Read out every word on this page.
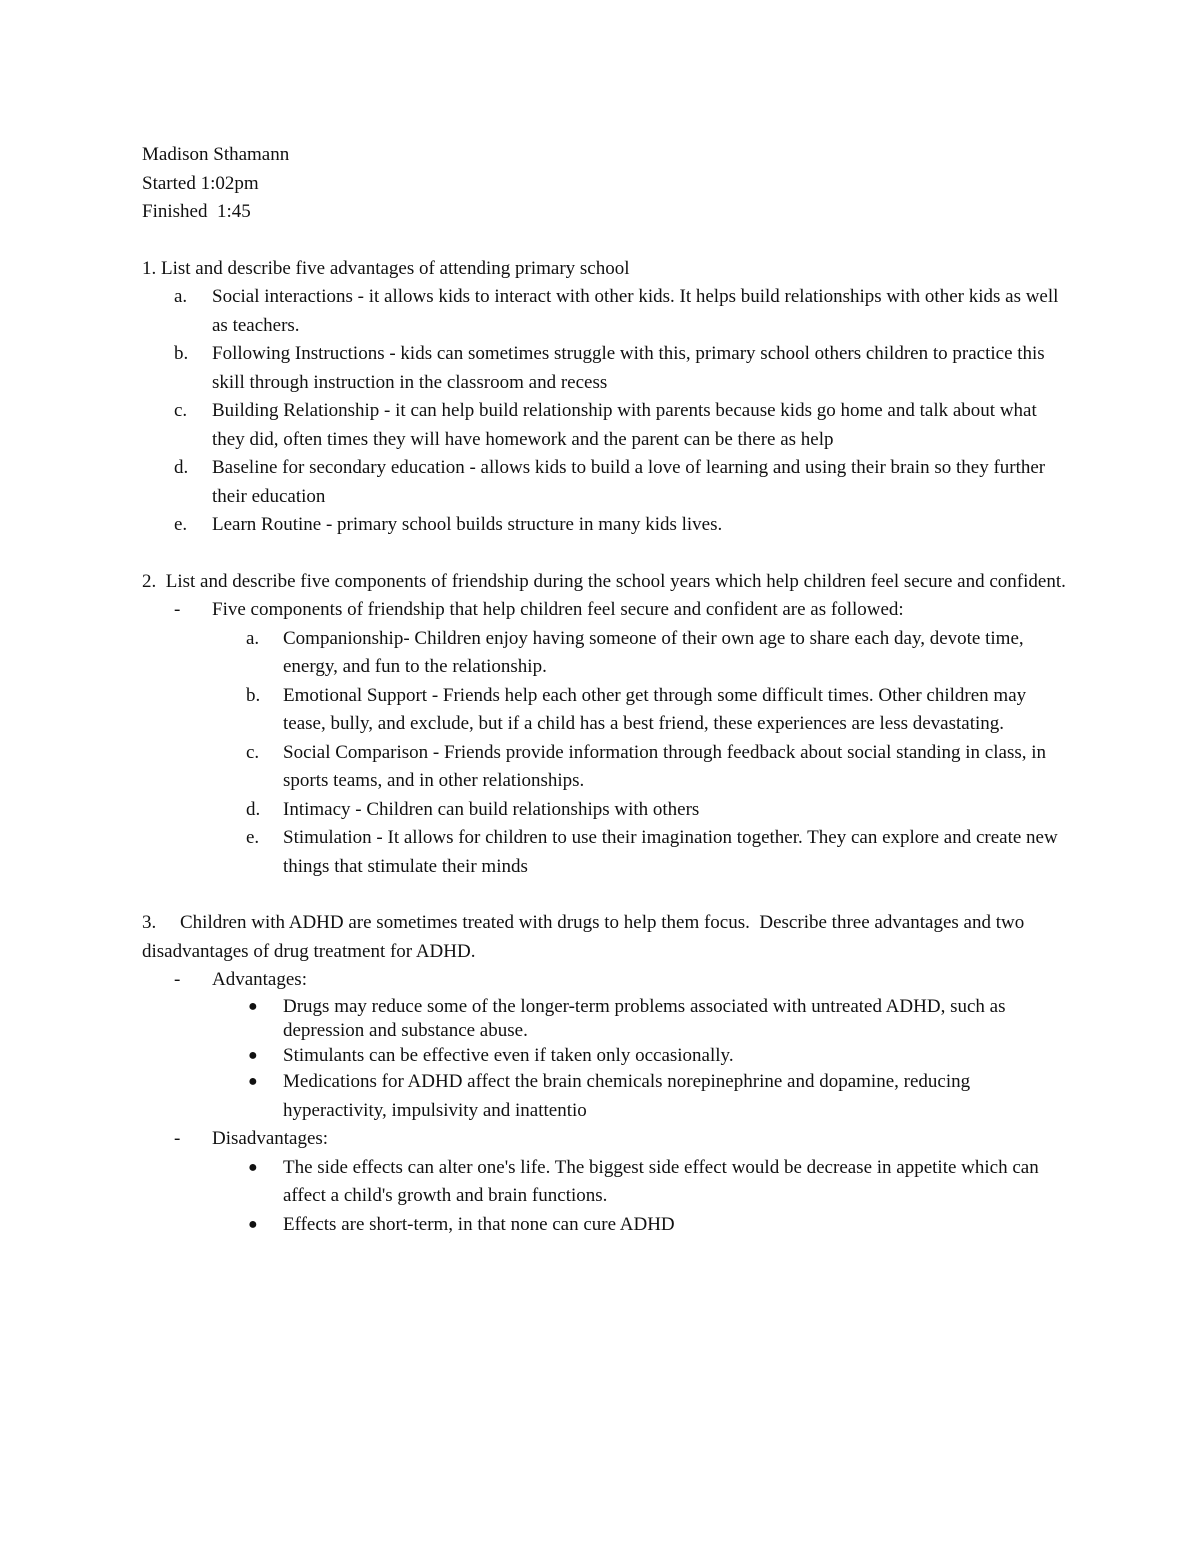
Madison Sthamann
Started 1:02pm
Finished  1:45
1. List and describe five advantages of attending primary school
a. Social interactions - it allows kids to interact with other kids. It helps build relationships with other kids as well as teachers.
b. Following Instructions - kids can sometimes struggle with this, primary school others children to practice this skill through instruction in the classroom and recess
c. Building Relationship - it can help build relationship with parents because kids go home and talk about what they did, often times they will have homework and the parent can be there as help
d. Baseline for secondary education - allows kids to build a love of learning and using their brain so they further their education
e. Learn Routine - primary school builds structure in many kids lives.
2.  List and describe five components of friendship during the school years which help children feel secure and confident.
- Five components of friendship that help children feel secure and confident are as followed:
a. Companionship- Children enjoy having someone of their own age to share each day, devote time, energy, and fun to the relationship.
b. Emotional Support - Friends help each other get through some difficult times. Other children may tease, bully, and exclude, but if a child has a best friend, these experiences are less devastating.
c. Social Comparison - Friends provide information through feedback about social standing in class, in sports teams, and in other relationships.
d. Intimacy - Children can build relationships with others
e. Stimulation - It allows for children to use their imagination together. They can explore and create new things that stimulate their minds
3.     Children with ADHD are sometimes treated with drugs to help them focus.  Describe three advantages and two disadvantages of drug treatment for ADHD.
- Advantages:
● Drugs may reduce some of the longer-term problems associated with untreated ADHD, such as depression and substance abuse.
● Stimulants can be effective even if taken only occasionally.
● Medications for ADHD affect the brain chemicals norepinephrine and dopamine, reducing hyperactivity, impulsivity and inattentio
- Disadvantages:
● The side effects can alter one's life. The biggest side effect would be decrease in appetite which can affect a child's growth and brain functions.
● Effects are short-term, in that none can cure ADHD
